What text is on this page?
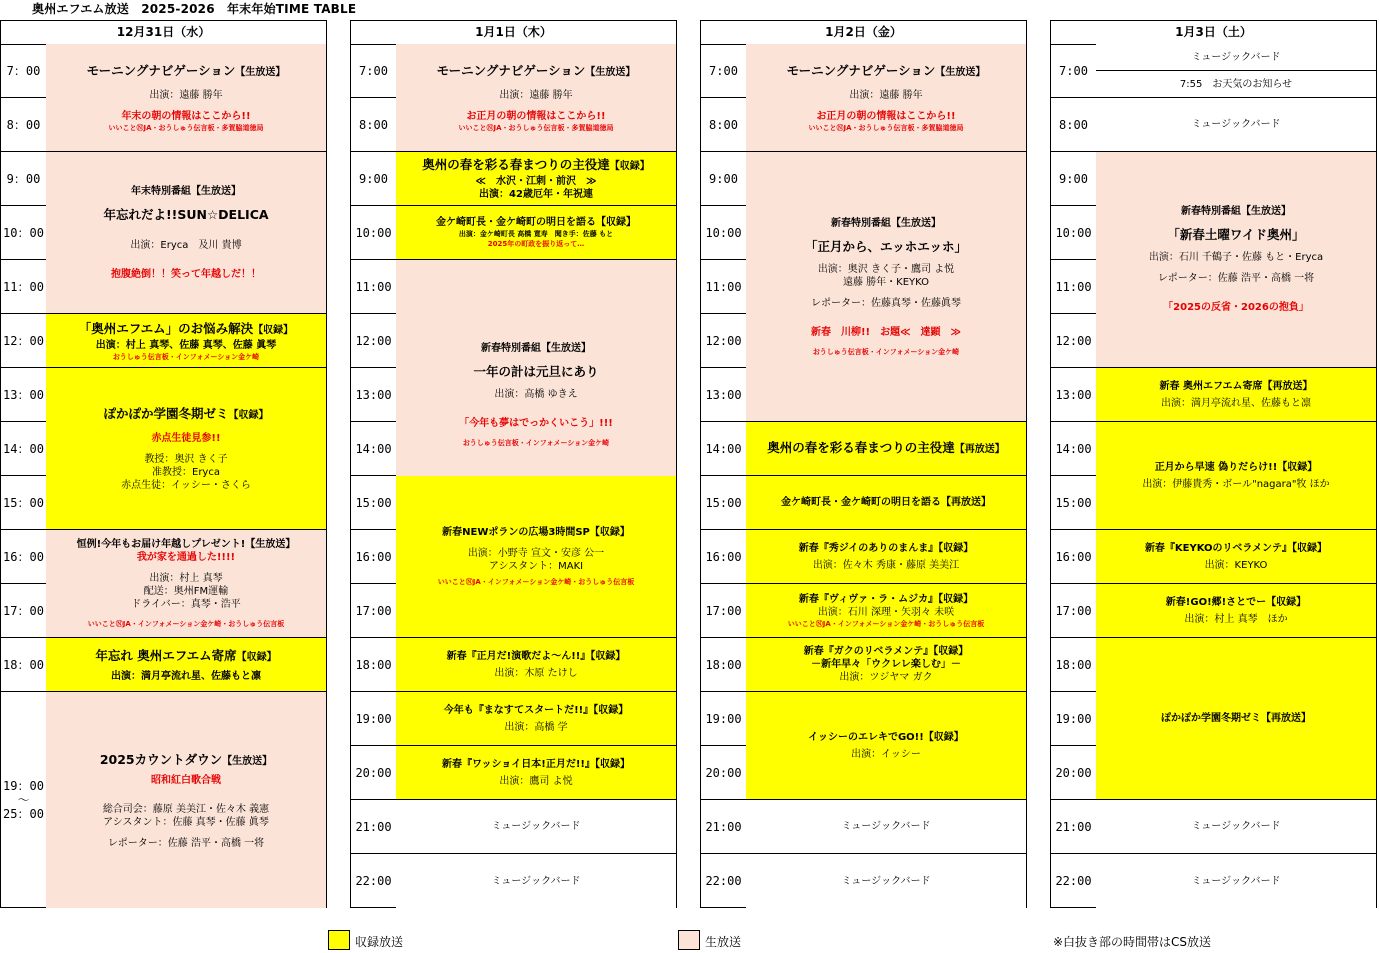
奥州エフエム放送　2025-2026　年末年始TIME TABLE
12月31日（水）
7：00
8：00
9：00
10：00
11：00
12：00
13：00
14：00
15：00
16：00
17：00
18：00
19：00
～
25：00
モーニングナビゲーション【生放送】
出演：遠藤 勝年
年末の朝の情報はここから!!
いいことⓃJA・おうしゅう伝言板・多賀脇道徳局
年末特別番組【生放送】
年忘れだよ!!SUN☆DELICA
出演：Eryca　及川 貴博
抱腹絶倒！！笑って年越しだ！！
「奥州エフエム」のお悩み解決【収録】
出演：村上 真琴、佐藤 真琴、佐藤 眞琴
おうしゅう伝言板・インフォメーション金ケ崎
ぽかぽか学園冬期ゼミ【収録】
赤点生徒見参!!
教授：奥沢 きく子
准教授：Eryca
赤点生徒：イッシー・さくら
恒例!今年もお届け年越しプレゼント!【生放送】
我が家を通過した!!!!
出演：村上 真琴
配送：奥州FM運輸
ドライバー：真琴・浩平
いいことⓃJA・インフォメーション金ケ崎・おうしゅう伝言板
年忘れ 奥州エフエム寄席【収録】
出演：満月亭流れ星、佐藤もと凛
2025カウントダウン【生放送】
昭和紅白歌合戦
総合司会：藤原 美美江・佐々木 義憲
アシスタント：佐藤 真琴・佐藤 眞琴
レポーター：佐藤 浩平・高橋 一将
1月1日（木）
7:00
8:00
9:00
10:00
11:00
12:00
13:00
14:00
15:00
16:00
17:00
18:00
19:00
20:00
21:00
22:00
モーニングナビゲーション【生放送】
出演：遠藤 勝年
お正月の朝の情報はここから!!
いいことⓃJA・おうしゅう伝言板・多賀脇道徳局
奥州の春を彩る春まつりの主役達【収録】
≪　水沢・江刺・前沢　≫
出演：42歳厄年・年祝連
金ケ崎町長・金ケ崎町の明日を語る【収録】
出演：金ケ崎町長 高橋 寛寿　聞き手：佐藤 もと
2025年の町政を振り返って…
新春特別番組【生放送】
一年の計は元旦にあり
出演：高橋 ゆきえ
「今年も夢はでっかくいこう」!!!
おうしゅう伝言板・インフォメーション金ケ崎
新春NEWポランの広場3時間SP【収録】
出演：小野寺 宣文・安彦 公一
アシスタント：MAKI
いいことⓃJA・インフォメーション金ケ崎・おうしゅう伝言板
新春『正月だ!演歌だよ～ん!!』【収録】
出演：木原 たけし
今年も『まなすてスタートだ!!』【収録】
出演：高橋 学
新春『ワッショイ日本!正月だ!!』【収録】
出演：鷹司 よ悦
ミュージックバード
ミュージックバード
1月2日（金）
7:00
8:00
9:00
10:00
11:00
12:00
13:00
14:00
15:00
16:00
17:00
18:00
19:00
20:00
21:00
22:00
モーニングナビゲーション【生放送】
出演：遠藤 勝年
お正月の朝の情報はここから!!
いいことⓃJA・おうしゅう伝言板・多賀脇道徳局
新春特別番組【生放送】
「正月から、エッホエッホ」
出演：奥沢 きく子・鷹司 よ悦
遠藤 勝年・KEYKO
レポーター：佐藤真琴・佐藤眞琴
新春　川柳!!　お題≪　達顕　≫
おうしゅう伝言板・インフォメーション金ケ崎
奥州の春を彩る春まつりの主役達【再放送】
金ケ崎町長・金ケ崎町の明日を語る【再放送】
新春『秀ジイのありのまんま』【収録】
出演：佐々木 秀康・藤原 美美江
新春『ヴィヴァ・ラ・ムジカ』【収録】
出演：石川 深理・矢羽々 未咲
いいことⓃJA・インフォメーション金ケ崎・おうしゅう伝言板
新春『ガクのリベラメンテ』【収録】
－新年早々「ウクレレ楽しむ」－
出演：ツジヤマ ガク
イッシーのエレキでGO!!【収録】
出演：イッシー
ミュージックバード
ミュージックバード
1月3日（土）
7:00
8:00
9:00
10:00
11:00
12:00
13:00
14:00
15:00
16:00
17:00
18:00
19:00
20:00
21:00
22:00
ミュージックバード
7:55　お天気のお知らせ
ミュージックバード
新春特別番組【生放送】
「新春土曜ワイド奥州」
出演：石川 千鶴子・佐藤 もと・Eryca
レポーター：佐藤 浩平・高橋 一将
「2025の反省・2026の抱負」
新春 奥州エフエム寄席【再放送】
出演：満月亭流れ星、佐藤もと凛
正月から早速 偽りだらけ!!【収録】
出演：伊藤貴秀・ボール"nagara"牧 ほか
新春『KEYKOのリベラメンテ』【収録】
出演：KEYKO
新春!GO!郷!さとでー【収録】
出演：村上 真琴　ほか
ぽかぽか学園冬期ゼミ【再放送】
ミュージックバード
ミュージックバード
収録放送	生放送	※白抜き部の時間帯はCS放送
